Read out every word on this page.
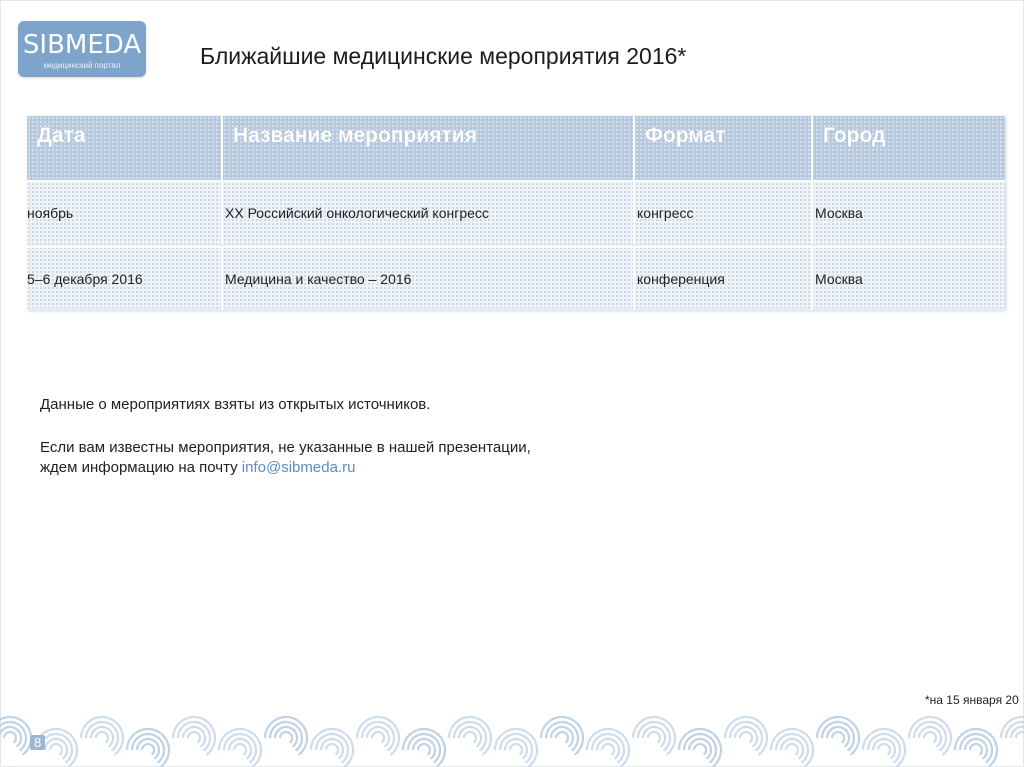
SIBMEDA
медицинский портал	Ближайшие медицинские мероприятия 2016*
Дата	Название мероприятия	Формат	Город
ноябрь	XX Российский онкологический конгресс	конгресс	Москва
5–6 декабря 2016	Медицина и качество – 2016	конференция	Москва
Данные о мероприятиях взяты из открытых источников.
Если вам известны мероприятия, не указанные в нашей презентации,
ждем информацию на почту info@sibmeda.ru
*на 15 января 20
8
